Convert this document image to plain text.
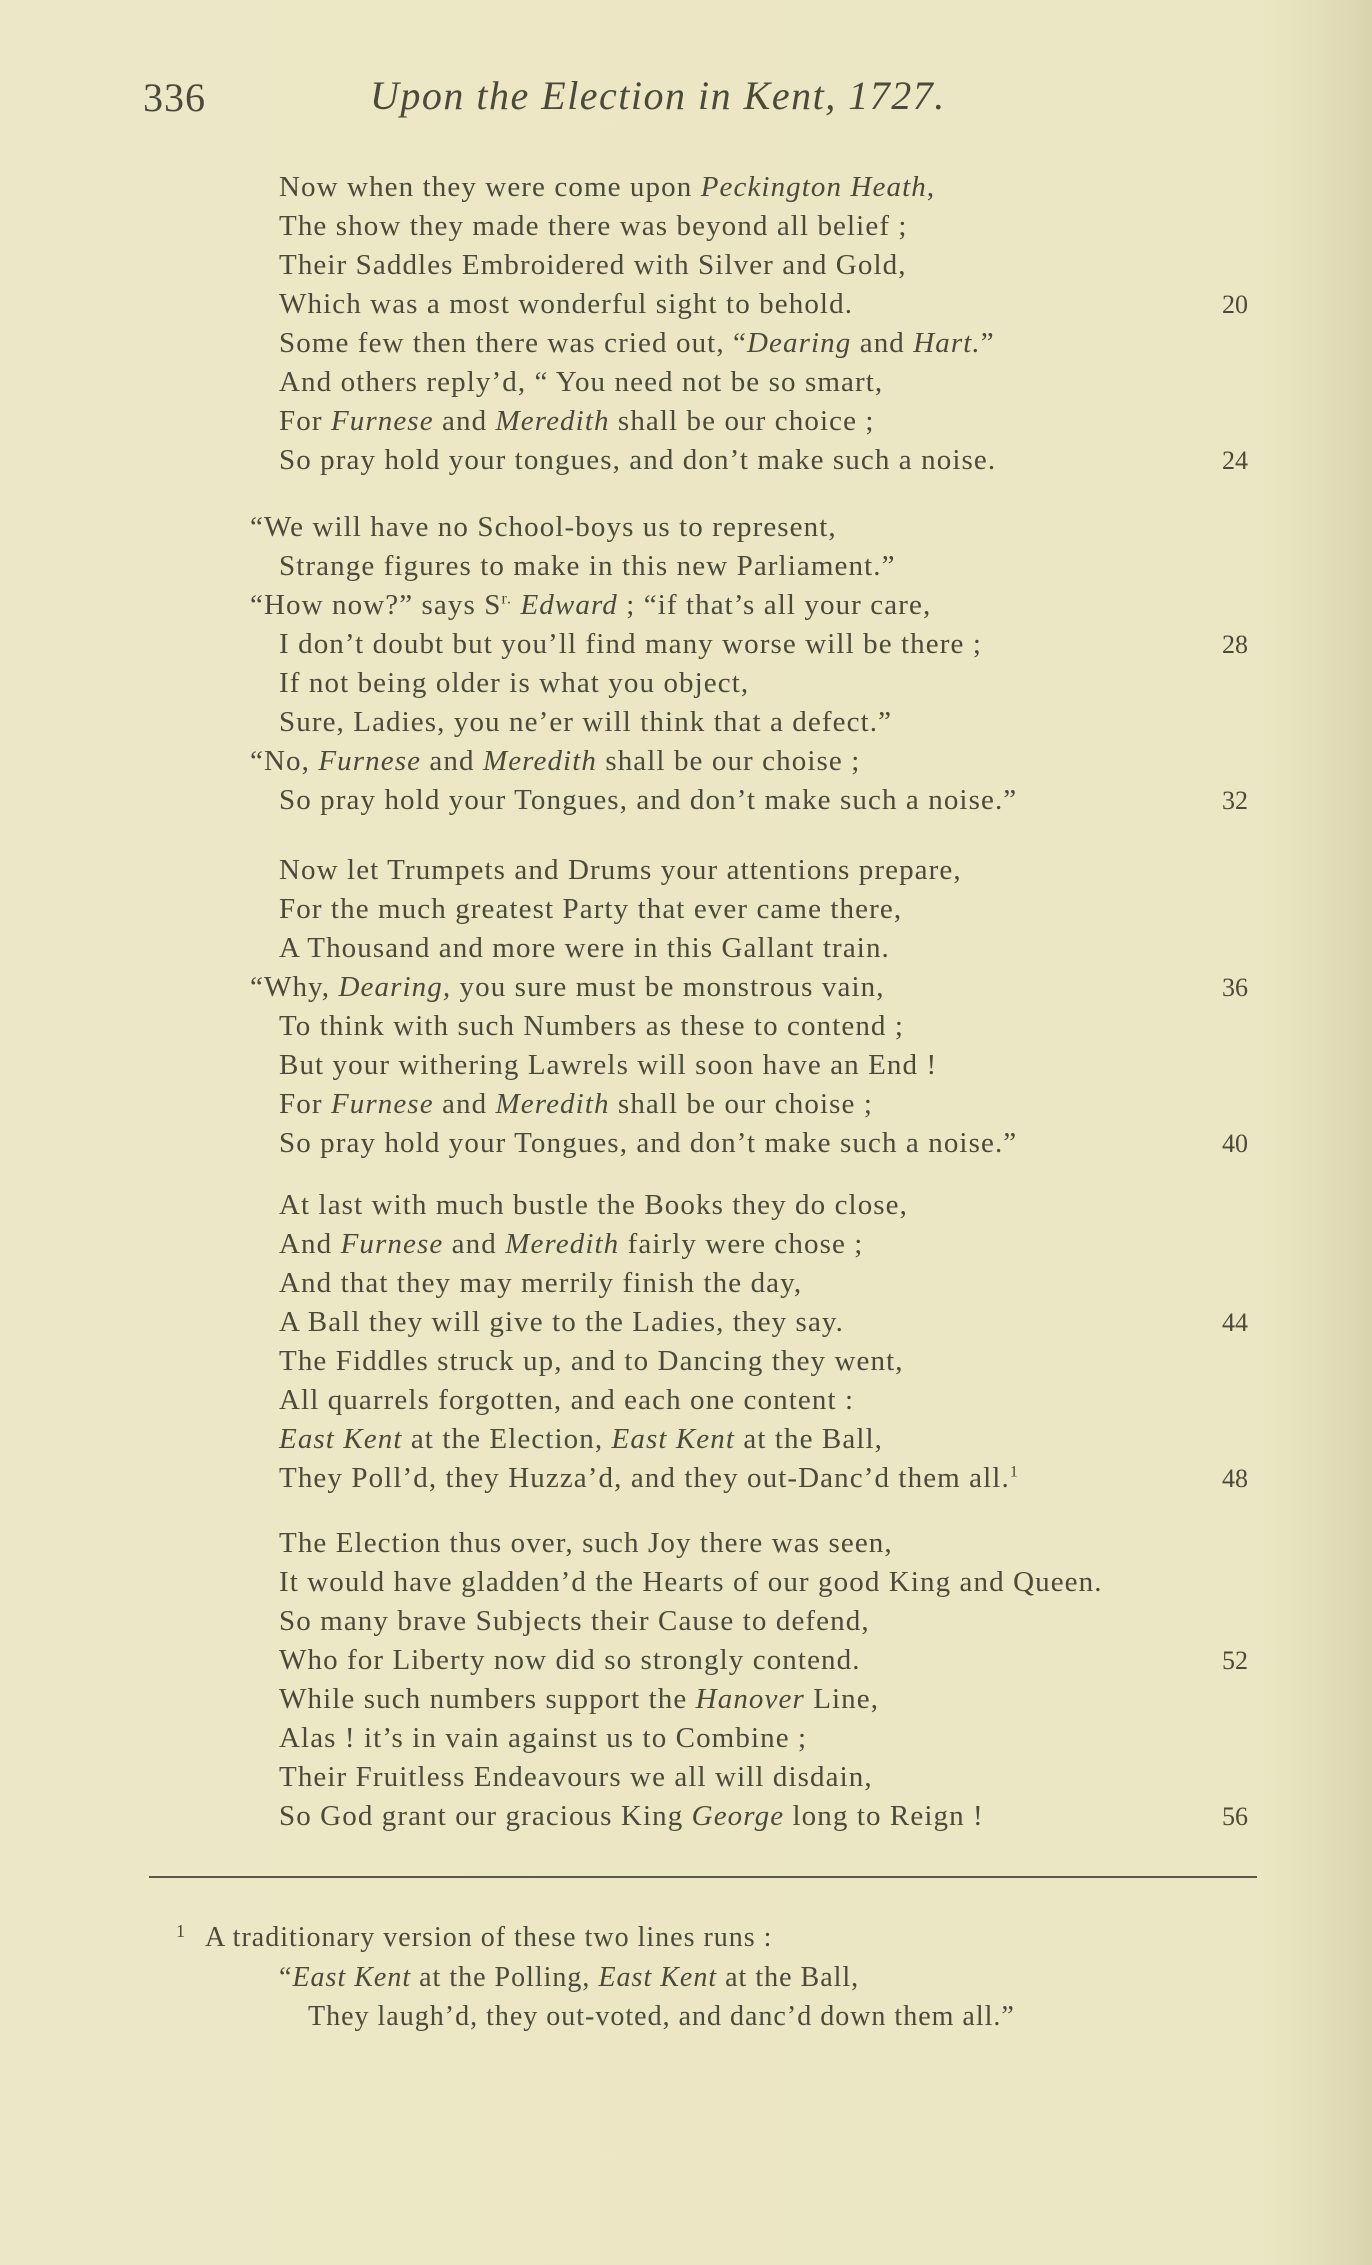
336	Upon the Election in Kent, 1727.
Now when they were come upon Peckington Heath,
The show they made there was beyond all belief ;
Their Saddles Embroidered with Silver and Gold,
Which was a most wonderful sight to behold.	20
Some few then there was cried out, “Dearing and Hart.”
And others reply’d, “ You need not be so smart,
For Furnese and Meredith shall be our choice ;
So pray hold your tongues, and don’t make such a noise.	24
“We will have no School-boys us to represent,
Strange figures to make in this new Parliament.”
“How now?” says $S^{r.}$ Edward ; “if that’s all your care,
I don’t doubt but you’ll find many worse will be there ;	28
If not being older is what you object,
Sure, Ladies, you ne’er will think that a defect.”
“No, Furnese and Meredith shall be our choise ;
So pray hold your Tongues, and don’t make such a noise.”	32
Now let Trumpets and Drums your attentions prepare,
For the much greatest Party that ever came there,
A Thousand and more were in this Gallant train.
“Why, Dearing, you sure must be monstrous vain,	36
To think with such Numbers as these to contend ;
But your withering Lawrels will soon have an End !
For Furnese and Meredith shall be our choise ;
So pray hold your Tongues, and don’t make such a noise.”	40
At last with much bustle the Books they do close,
And Furnese and Meredith fairly were chose ;
And that they may merrily finish the day,
A Ball they will give to the Ladies, they say.	44
The Fiddles struck up, and to Dancing they went,
All quarrels forgotten, and each one content :
East Kent at the Election, East Kent at the Ball,
They Poll’d, they Huzza’d, and they out-Danc’d them all.$^1$	48
The Election thus over, such Joy there was seen,
It would have gladden’d the Hearts of our good King and Queen.
So many brave Subjects their Cause to defend,
Who for Liberty now did so strongly contend.	52
While such numbers support the Hanover Line,
Alas ! it’s in vain against us to Combine ;
Their Fruitless Endeavours we all will disdain,
So God grant our gracious King George long to Reign !	56
1 A traditionary version of these two lines runs :
“East Kent at the Polling, East Kent at the Ball,
They laugh’d, they out-voted, and danc’d down them all.”
